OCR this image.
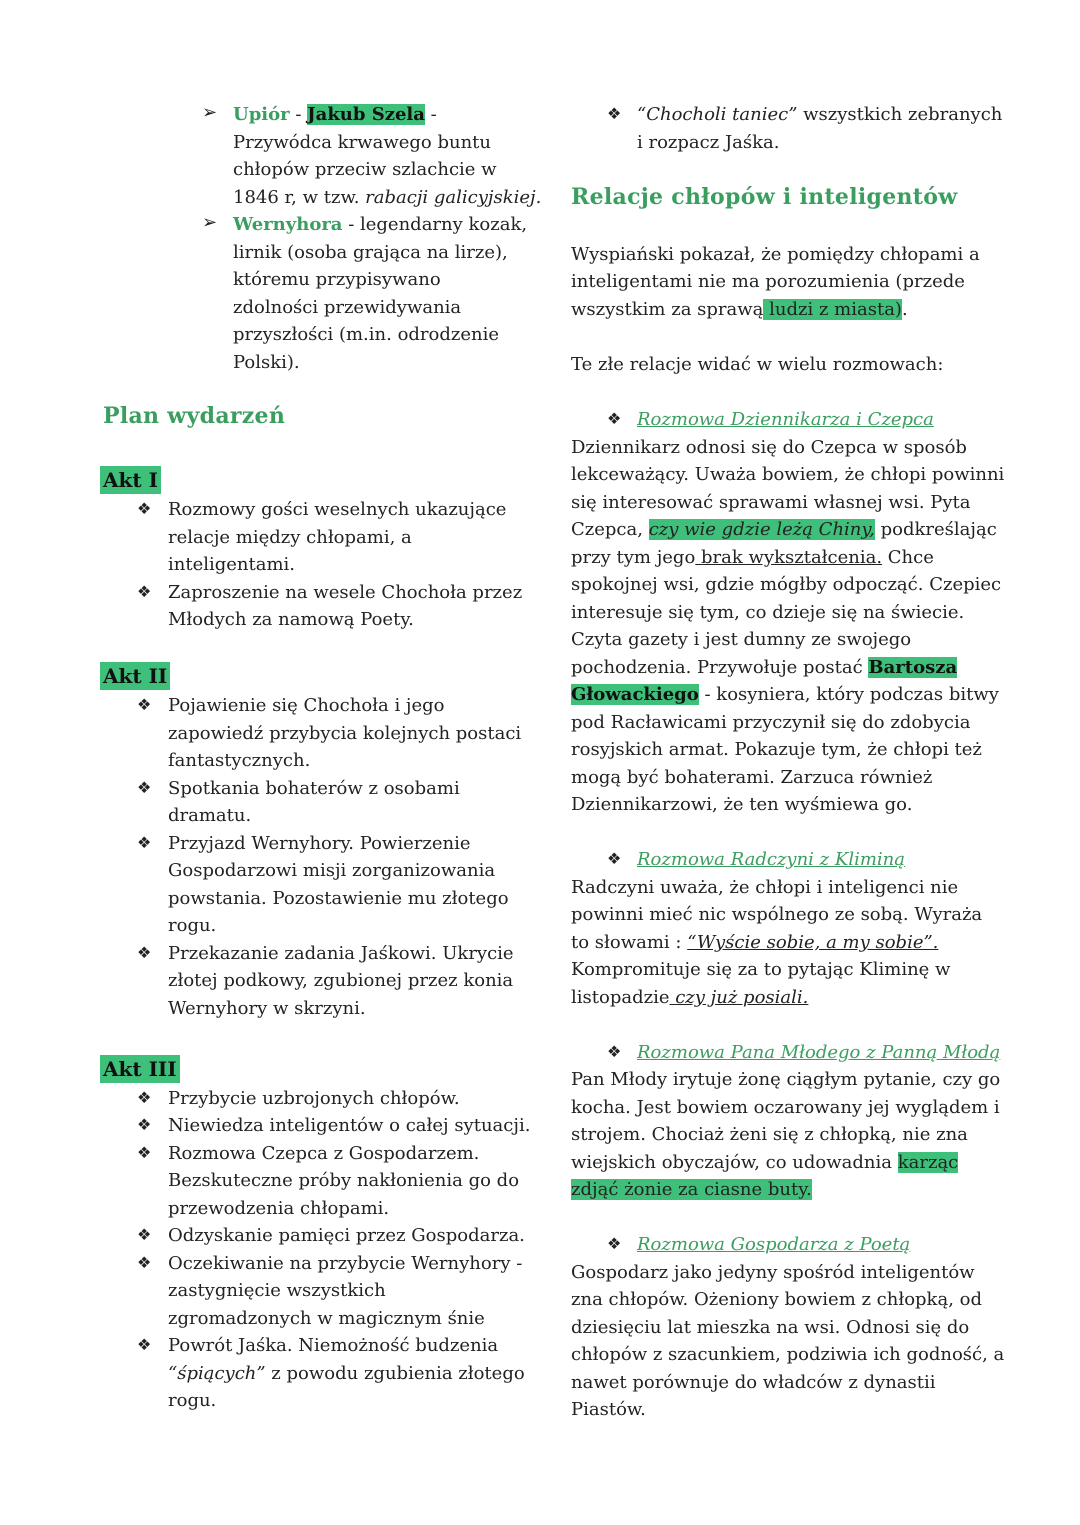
➢ Upiór - Jakub Szela -

Przywódca krwawego buntu

chłopów przeciw szlachcie w

1846 r, w tzw. rabacji galicyjskiej.

➢ Wernyhora - legendarny kozak,

lirnik (osoba grająca na lirze),

któremu przypisywano

zdolności przewidywania

przyszłości (m.in. odrodzenie

Polski).

Plan wydarzeń
Akt I
❖ Rozmowy gości weselnych ukazujące

relacje między chłopami, a

inteligentami.

❖ Zaproszenie na wesele Chochoła przez

Młodych za namową Poety.

Akt II
❖ Pojawienie się Chochoła i jego

zapowiedź przybycia kolejnych postaci

fantastycznych.

❖ Spotkania bohaterów z osobami

dramatu.

❖ Przyjazd Wernyhory. Powierzenie

Gospodarzowi misji zorganizowania

powstania. Pozostawienie mu złotego

rogu.

❖ Przekazanie zadania Jaśkowi. Ukrycie

złotej podkowy, zgubionej przez konia

Wernyhory w skrzyni.

Akt III
❖ Przybycie uzbrojonych chłopów.

❖ Niewiedza inteligentów o całej sytuacji.

❖ Rozmowa Czepca z Gospodarzem.

Bezskuteczne próby nakłonienia go do

przewodzenia chłopami.

❖ Odzyskanie pamięci przez Gospodarza.

❖ Oczekiwanie na przybycie Wernyhory -

zastygnięcie wszystkich

zgromadzonych w magicznym śnie

❖ Powrót Jaśka. Niemożność budzenia

“śpiących” z powodu zgubienia złotego

rogu.

❖ “Chocholi taniec” wszystkich zebranych

i rozpacz Jaśka.

Relacje chłopów i inteligentów

Wyspiański pokazał, że pomiędzy chłopami a

inteligentami nie ma porozumienia (przede

wszystkim za sprawą ludzi z miasta).

Te złe relacje widać w wielu rozmowach:

❖ Rozmowa Dziennikarza i Czepca

Dziennikarz odnosi się do Czepca w sposób

lekceważący. Uważa bowiem, że chłopi powinni

się interesować sprawami własnej wsi. Pyta

Czepca, czy wie gdzie leżą Chiny, podkreślając

przy tym jego brak wykształcenia. Chce

spokojnej wsi, gdzie mógłby odpocząć. Czepiec

interesuje się tym, co dzieje się na świecie.

Czyta gazety i jest dumny ze swojego

pochodzenia. Przywołuje postać Bartosza

Głowackiego - kosyniera, który podczas bitwy

pod Racławicami przyczynił się do zdobycia

rosyjskich armat. Pokazuje tym, że chłopi też

mogą być bohaterami. Zarzuca również

Dziennikarzowi, że ten wyśmiewa go.

❖ Rozmowa Radczyni z Kliminą

Radczyni uważa, że chłopi i inteligenci nie

powinni mieć nic wspólnego ze sobą. Wyraża

to słowami : “Wyście sobie, a my sobie”.

Kompromituje się za to pytając Kliminę w

listopadzie czy już posiali.

❖ Rozmowa Pana Młodego z Panną Młodą

Pan Młody irytuje żonę ciągłym pytanie, czy go

kocha. Jest bowiem oczarowany jej wyglądem i

strojem. Chociaż żeni się z chłopką, nie zna

wiejskich obyczajów, co udowadnia karząc

zdjąć żonie za ciasne buty.

❖ Rozmowa Gospodarza z Poetą

Gospodarz jako jedyny spośród inteligentów

zna chłopów. Ożeniony bowiem z chłopką, od

dziesięciu lat mieszka na wsi. Odnosi się do

chłopów z szacunkiem, podziwia ich godność, a

nawet porównuje do władców z dynastii

Piastów.
